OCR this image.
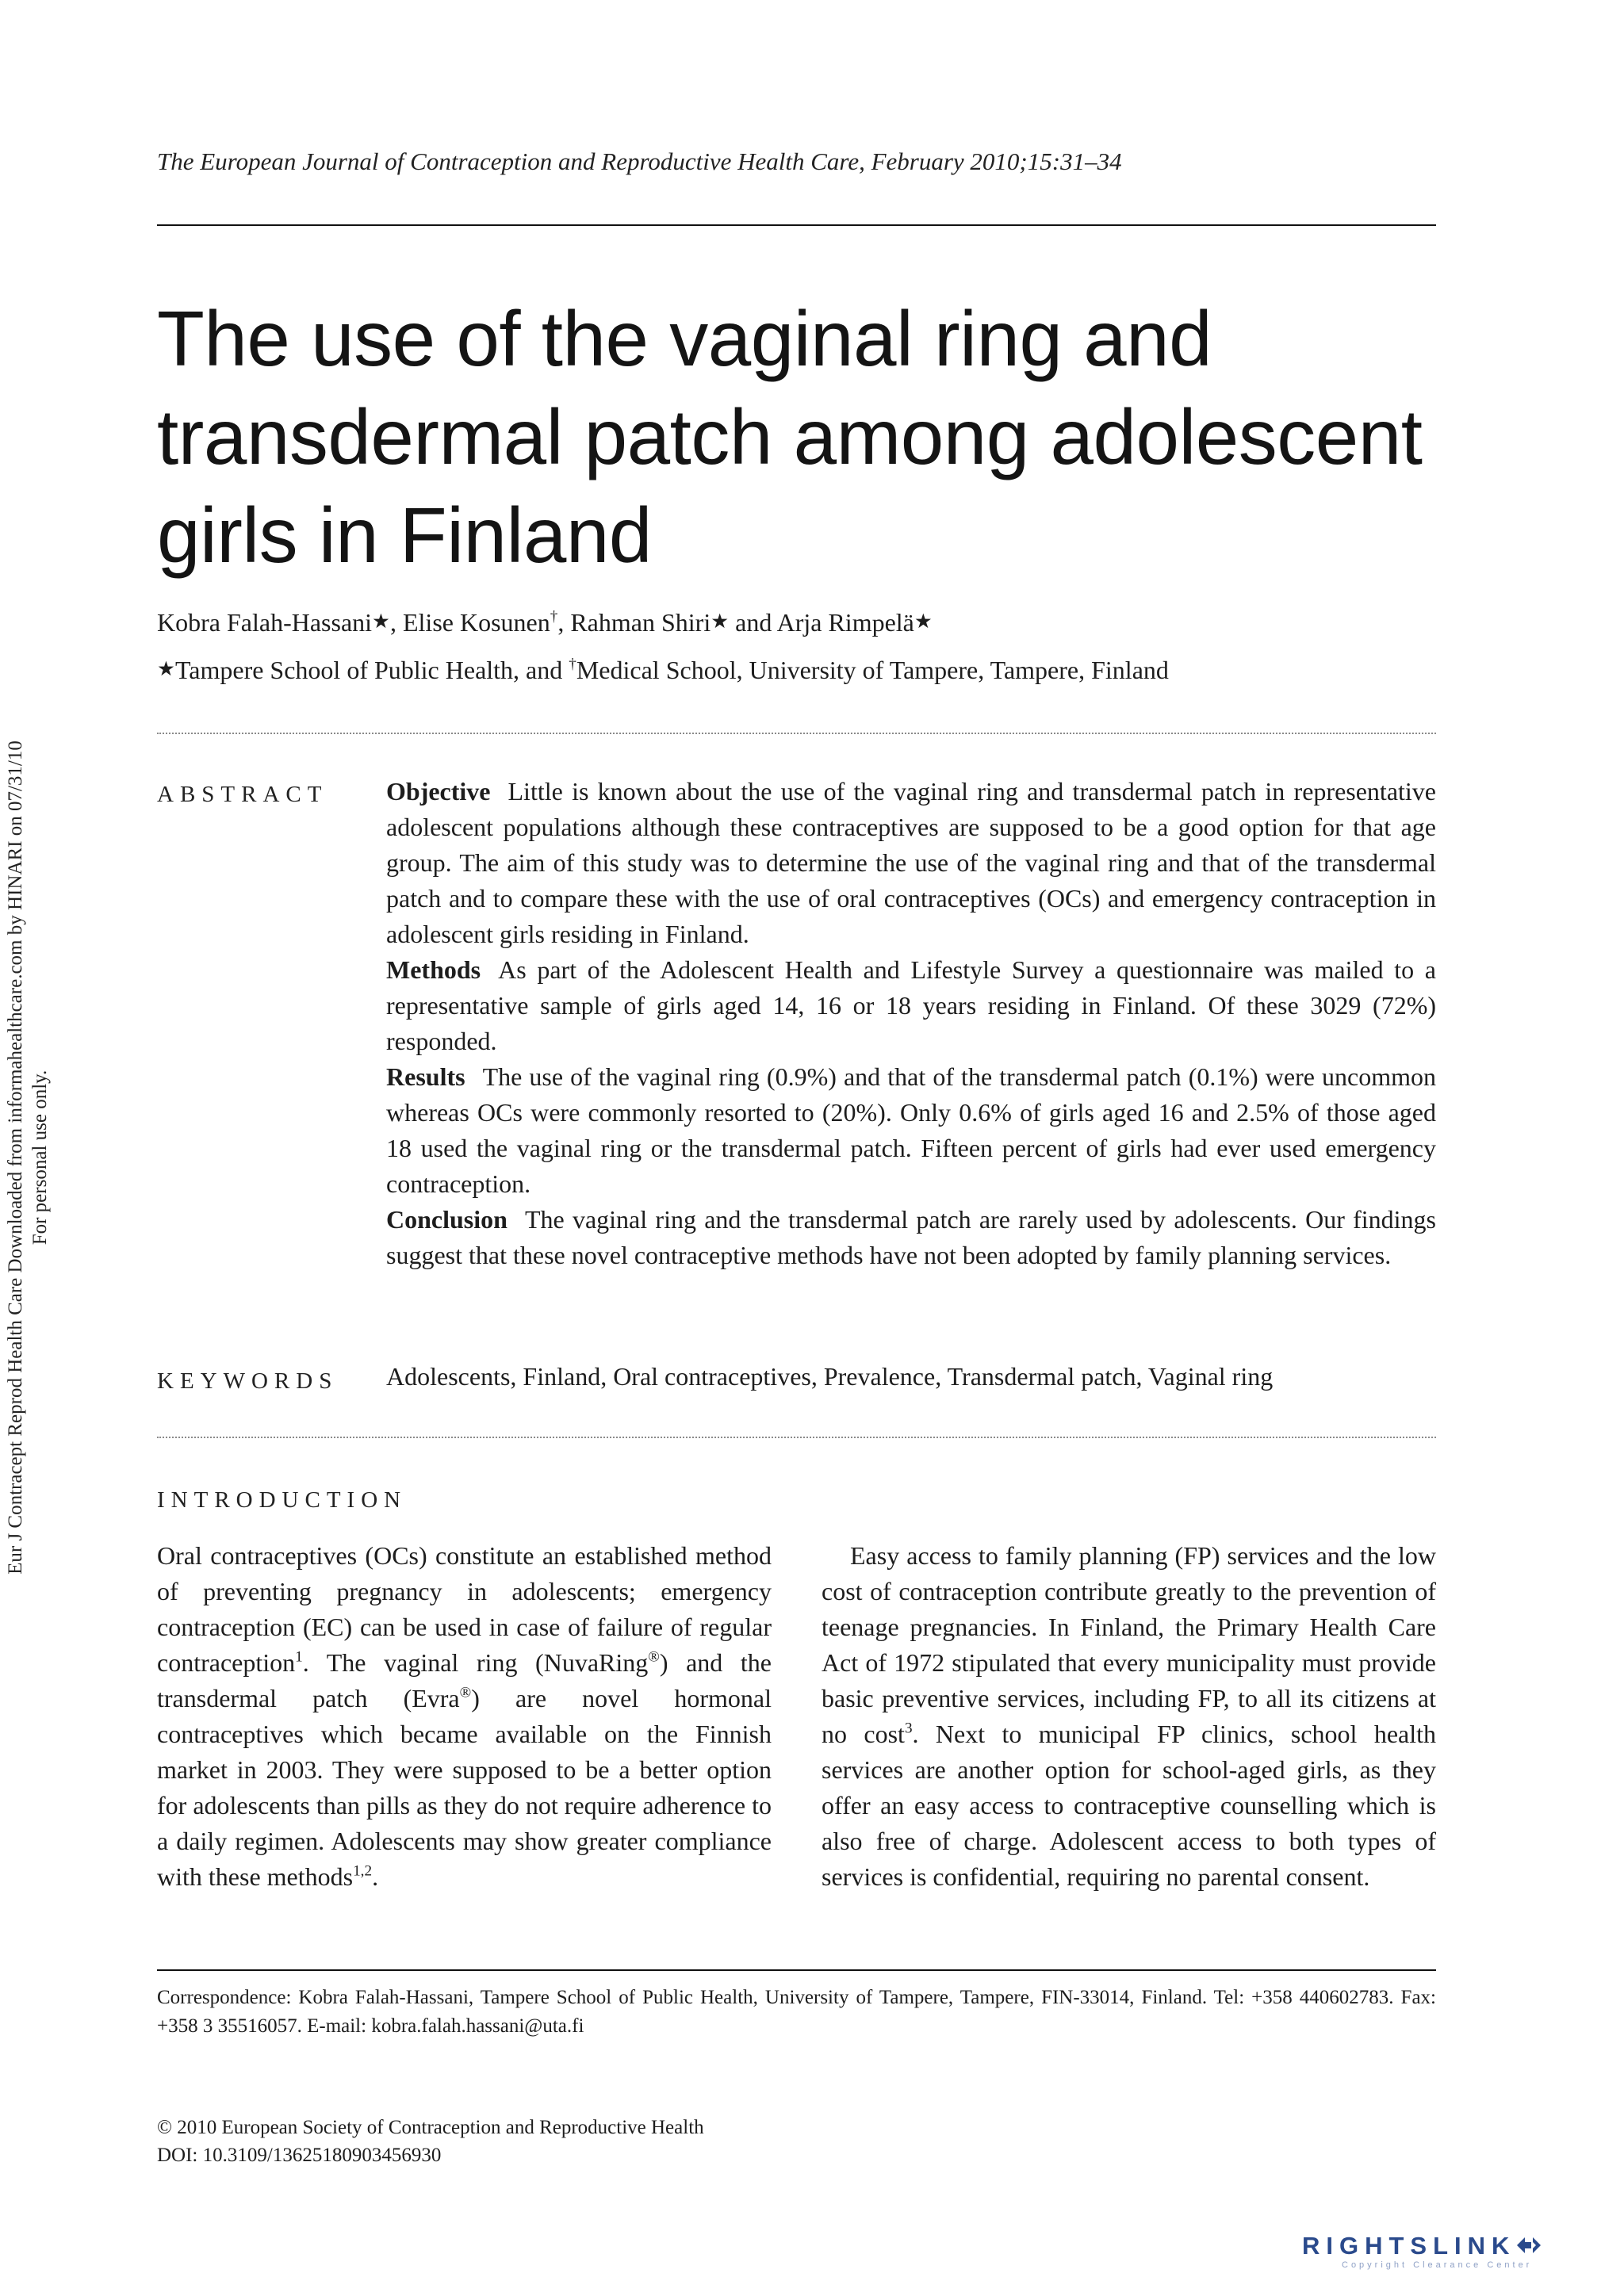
The European Journal of Contraception and Reproductive Health Care, February 2010;15:31–34
The use of the vaginal ring and
transdermal patch among adolescent
girls in Finland
Kobra Falah-Hassani★, Elise Kosunen†, Rahman Shiri★ and Arja Rimpelä★
★Tampere School of Public Health, and †Medical School, University of Tampere, Tampere, Finland
ABSTRACT Objective Little is known about the use of the vaginal ring and transdermal patch in representative adolescent populations although these contraceptives are supposed to be a good option for that age group. The aim of this study was to determine the use of the vaginal ring and that of the transdermal patch and to compare these with the use of oral contraceptives (OCs) and emergency contraception in adolescent girls residing in Finland.
Methods As part of the Adolescent Health and Lifestyle Survey a questionnaire was mailed to a representative sample of girls aged 14, 16 or 18 years residing in Finland. Of these 3029 (72%) responded.
Results The use of the vaginal ring (0.9%) and that of the transdermal patch (0.1%) were uncommon whereas OCs were commonly resorted to (20%). Only 0.6% of girls aged 16 and 2.5% of those aged 18 used the vaginal ring or the transdermal patch. Fifteen percent of girls had ever used emergency contraception.
Conclusion The vaginal ring and the transdermal patch are rarely used by adolescents. Our findings suggest that these novel contraceptive methods have not been adopted by family planning services.
KEYWORDS Adolescents, Finland, Oral contraceptives, Prevalence, Transdermal patch, Vaginal ring
INTRODUCTION

Oral contraceptives (OCs) constitute an established method of preventing pregnancy in adolescents; emergency contraception (EC) can be used in case of failure of regular contraception$^1$. The vaginal ring (NuvaRing®) and the transdermal patch (Evra®) are novel hormonal contraceptives which became available on the Finnish market in 2003. They were supposed to be a better option for adolescents than pills as they do not require adherence to a daily regimen. Adolescents may show greater compliance with these methods$^{1,2}$.

Easy access to family planning (FP) services and the low cost of contraception contribute greatly to the prevention of teenage pregnancies. In Finland, the Primary Health Care Act of 1972 stipulated that every municipality must provide basic preventive services, including FP, to all its citizens at no cost$^3$. Next to municipal FP clinics, school health services are another option for school-aged girls, as they offer an easy access to contraceptive counselling which is also free of charge. Adolescent access to both types of services is confidential, requiring no parental consent.

Correspondence: Kobra Falah-Hassani, Tampere School of Public Health, University of Tampere, Tampere, FIN-33014, Finland. Tel: +358 440602783. Fax: +358 3 35516057. E-mail: kobra.falah.hassani@uta.fi
© 2010 European Society of Contraception and Reproductive Health
DOI: 10.3109/13625180903456930
Eur J Contracept Reprod Health Care Downloaded from informahealthcare.com by HINARI on 07/31/10 For personal use only.
RIGHTSLINK
Copyright Clearance Center
